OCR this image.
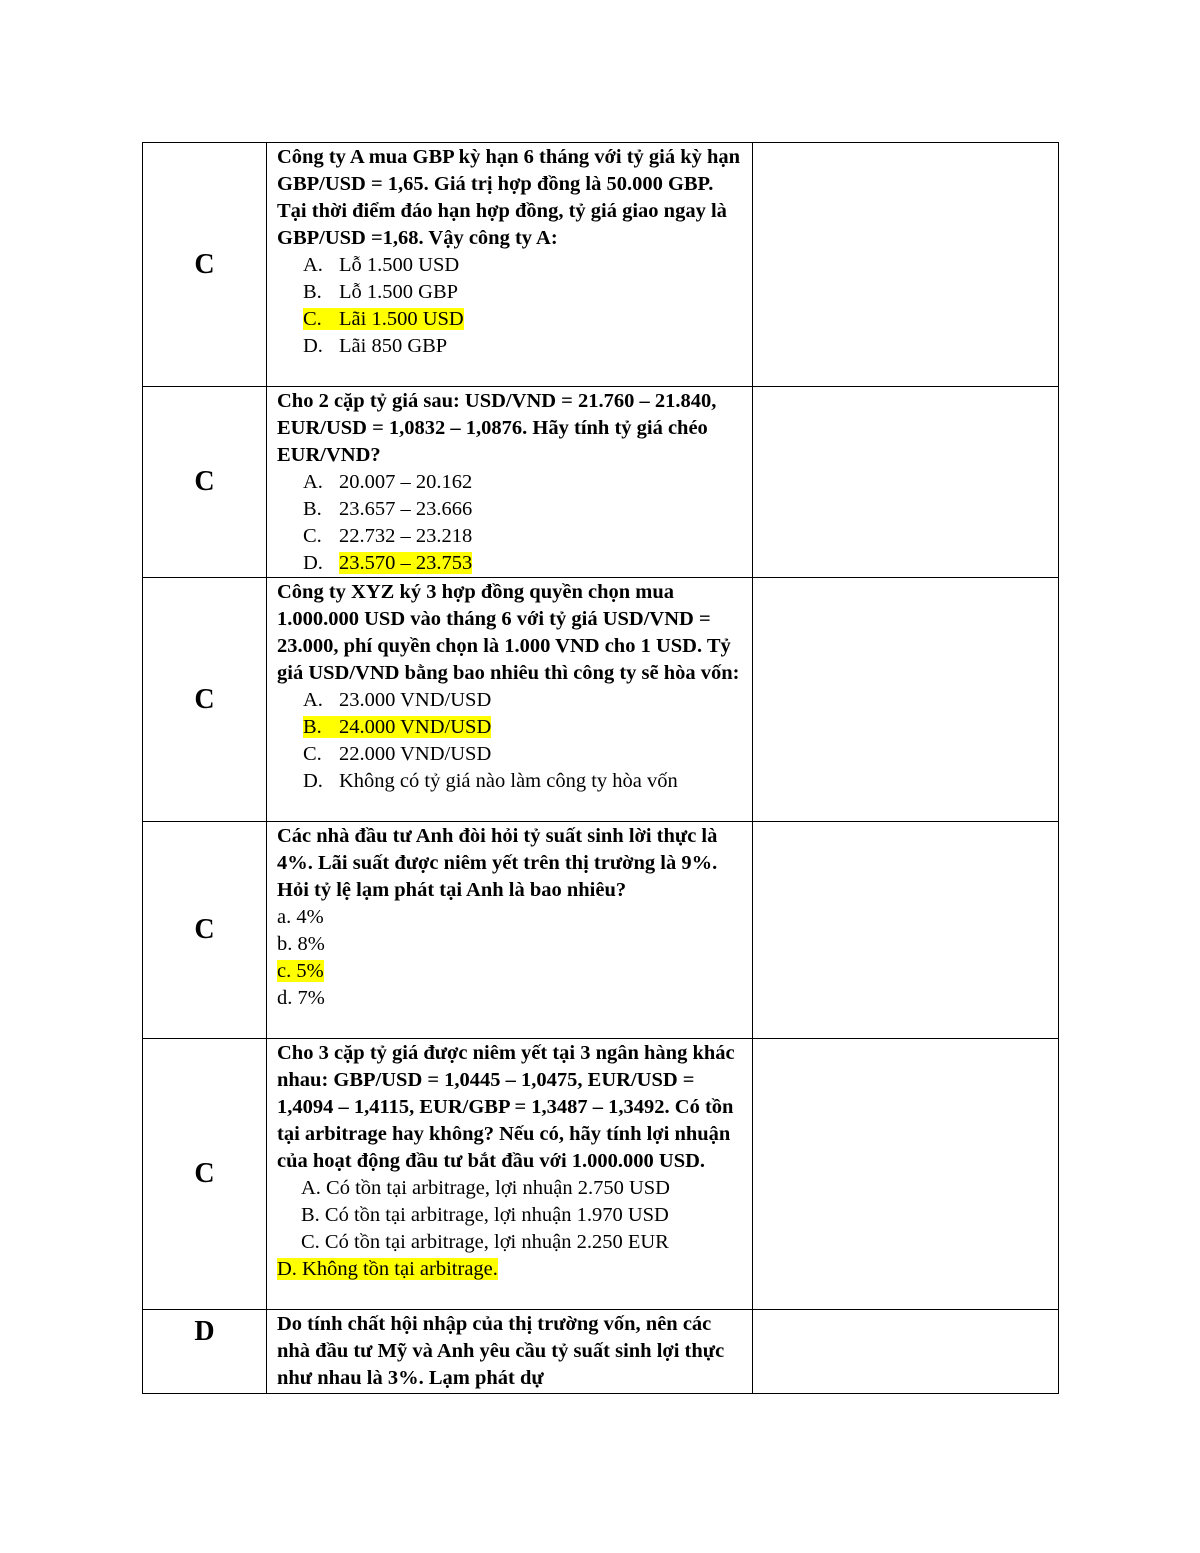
C	Công ty A mua GBP kỳ hạn 6 tháng với tỷ giá kỳ hạn GBP/USD = 1,65. Giá trị hợp đồng là 50.000 GBP. Tại thời điểm đáo hạn hợp đồng, tỷ giá giao ngay là GBP/USD =1,68. Vậy công ty A:

A. Lỗ 1.500 USD

B. Lỗ 1.500 GBP

C. Lãi 1.500 USD

D. Lãi 850 GBP	

C	Cho 2 cặp tỷ giá sau: USD/VND = 21.760 – 21.840, EUR/USD = 1,0832 – 1,0876. Hãy tính tỷ giá chéo EUR/VND?

A. 20.007 – 20.162

B. 23.657 – 23.666

C. 22.732 – 23.218

D. 23.570 – 23.753	

C	Công ty XYZ ký 3 hợp đồng quyền chọn mua 1.000.000 USD vào tháng 6 với tỷ giá USD/VND = 23.000, phí quyền chọn là 1.000 VND cho 1 USD. Tỷ giá USD/VND bằng bao nhiêu thì công ty sẽ hòa vốn:

A. 23.000 VND/USD

B. 24.000 VND/USD

C. 22.000 VND/USD

D. Không có tỷ giá nào làm công ty hòa vốn	

C	Các nhà đầu tư Anh đòi hỏi tỷ suất sinh lời thực là 4%. Lãi suất được niêm yết trên thị trường là 9%. Hỏi tỷ lệ lạm phát tại Anh là bao nhiêu?

a. 4%

b. 8%

c. 5%

d. 7%	

C	Cho 3 cặp tỷ giá được niêm yết tại 3 ngân hàng khác nhau: GBP/USD = 1,0445 – 1,0475, EUR/USD = 1,4094 – 1,4115, EUR/GBP = 1,3487 – 1,3492. Có tồn tại arbitrage hay không? Nếu có, hãy tính lợi nhuận của hoạt động đầu tư bắt đầu với 1.000.000 USD.

A. Có tồn tại arbitrage, lợi nhuận 2.750 USD

B. Có tồn tại arbitrage, lợi nhuận 1.970 USD

C. Có tồn tại arbitrage, lợi nhuận 2.250 EUR

D. Không tồn tại arbitrage.	

D	Do tính chất hội nhập của thị trường vốn, nên các nhà đầu tư Mỹ và Anh yêu cầu tỷ suất sinh lợi thực như nhau là 3%. Lạm phát dự	
